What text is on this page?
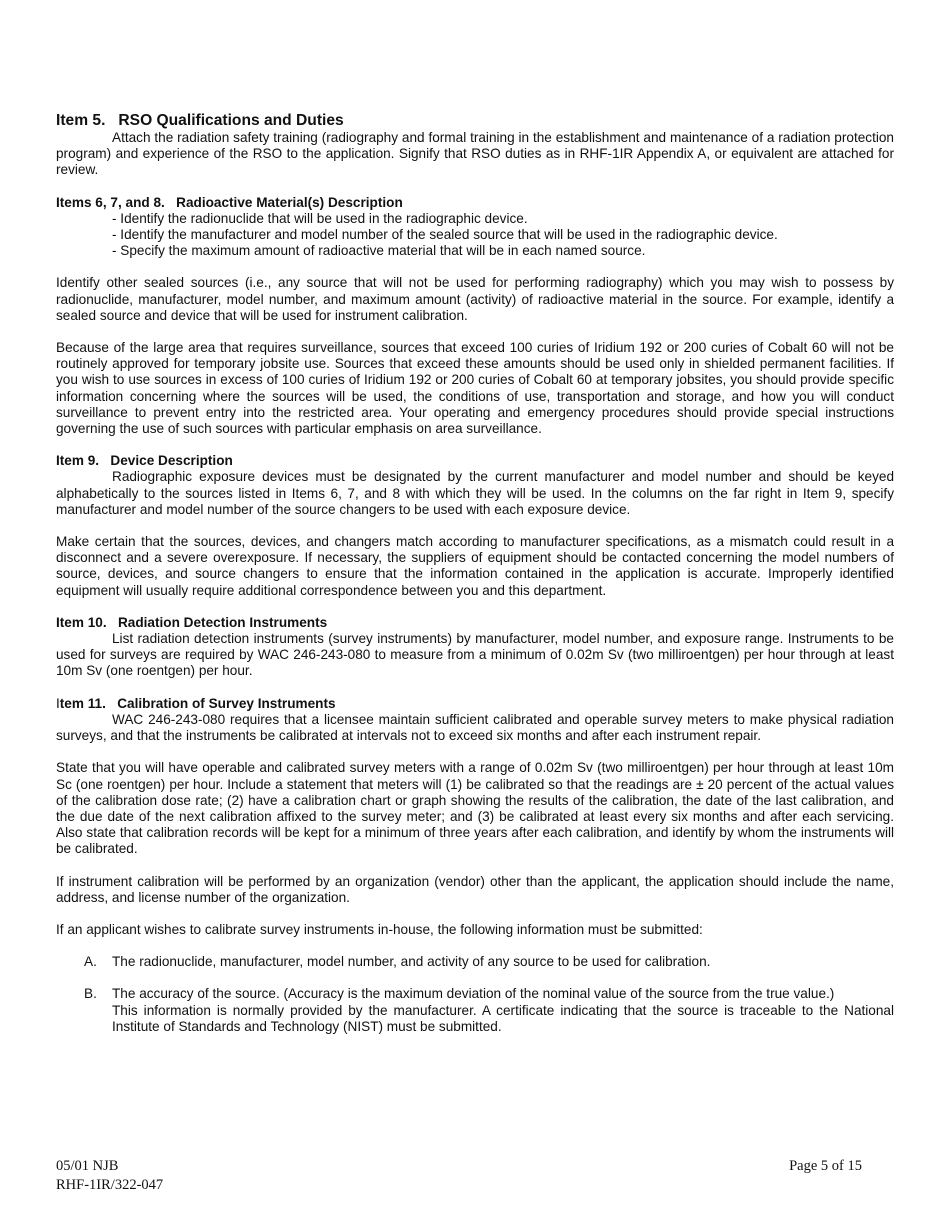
Item 5. RSO Qualifications and Duties

Attach the radiation safety training (radiography and formal training in the establishment and maintenance of a radiation protection program) and experience of the RSO to the application. Signify that RSO duties as in RHF-1IR Appendix A, or equivalent are attached for review.

Items 6, 7, and 8. Radioactive Material(s) Description
- Identify the radionuclide that will be used in the radiographic device.
- Identify the manufacturer and model number of the sealed source that will be used in the radiographic device.
- Specify the maximum amount of radioactive material that will be in each named source.

Identify other sealed sources (i.e., any source that will not be used for performing radiography) which you may wish to possess by radionuclide, manufacturer, model number, and maximum amount (activity) of radioactive material in the source. For example, identify a sealed source and device that will be used for instrument calibration.

Because of the large area that requires surveillance, sources that exceed 100 curies of Iridium 192 or 200 curies of Cobalt 60 will not be routinely approved for temporary jobsite use. Sources that exceed these amounts should be used only in shielded permanent facilities. If you wish to use sources in excess of 100 curies of Iridium 192 or 200 curies of Cobalt 60 at temporary jobsites, you should provide specific information concerning where the sources will be used, the conditions of use, transportation and storage, and how you will conduct surveillance to prevent entry into the restricted area. Your operating and emergency procedures should provide special instructions governing the use of such sources with particular emphasis on area surveillance.

Item 9. Device Description

Radiographic exposure devices must be designated by the current manufacturer and model number and should be keyed alphabetically to the sources listed in Items 6, 7, and 8 with which they will be used. In the columns on the far right in Item 9, specify manufacturer and model number of the source changers to be used with each exposure device.

Make certain that the sources, devices, and changers match according to manufacturer specifications, as a mismatch could result in a disconnect and a severe overexposure. If necessary, the suppliers of equipment should be contacted concerning the model numbers of source, devices, and source changers to ensure that the information contained in the application is accurate. Improperly identified equipment will usually require additional correspondence between you and this department.

Item 10. Radiation Detection Instruments

List radiation detection instruments (survey instruments) by manufacturer, model number, and exposure range. Instruments to be used for surveys are required by WAC 246-243-080 to measure from a minimum of 0.02m Sv (two milliroentgen) per hour through at least 10m Sv (one roentgen) per hour.

Item 11. Calibration of Survey Instruments

WAC 246-243-080 requires that a licensee maintain sufficient calibrated and operable survey meters to make physical radiation surveys, and that the instruments be calibrated at intervals not to exceed six months and after each instrument repair.

State that you will have operable and calibrated survey meters with a range of 0.02m Sv (two milliroentgen) per hour through at least 10m Sc (one roentgen) per hour. Include a statement that meters will (1) be calibrated so that the readings are ± 20 percent of the actual values of the calibration dose rate; (2) have a calibration chart or graph showing the results of the calibration, the date of the last calibration, and the due date of the next calibration affixed to the survey meter; and (3) be calibrated at least every six months and after each servicing. Also state that calibration records will be kept for a minimum of three years after each calibration, and identify by whom the instruments will be calibrated.

If instrument calibration will be performed by an organization (vendor) other than the applicant, the application should include the name, address, and license number of the organization.

If an applicant wishes to calibrate survey instruments in-house, the following information must be submitted:

A.	The radionuclide, manufacturer, model number, and activity of any source to be used for calibration.
B.	The accuracy of the source. (Accuracy is the maximum deviation of the nominal value of the source from the true value.)
This information is normally provided by the manufacturer. A certificate indicating that the source is traceable to the National Institute of Standards and Technology (NIST) must be submitted.
05/01 NJB
RHF-1IR/322-047
Page 5 of 15
